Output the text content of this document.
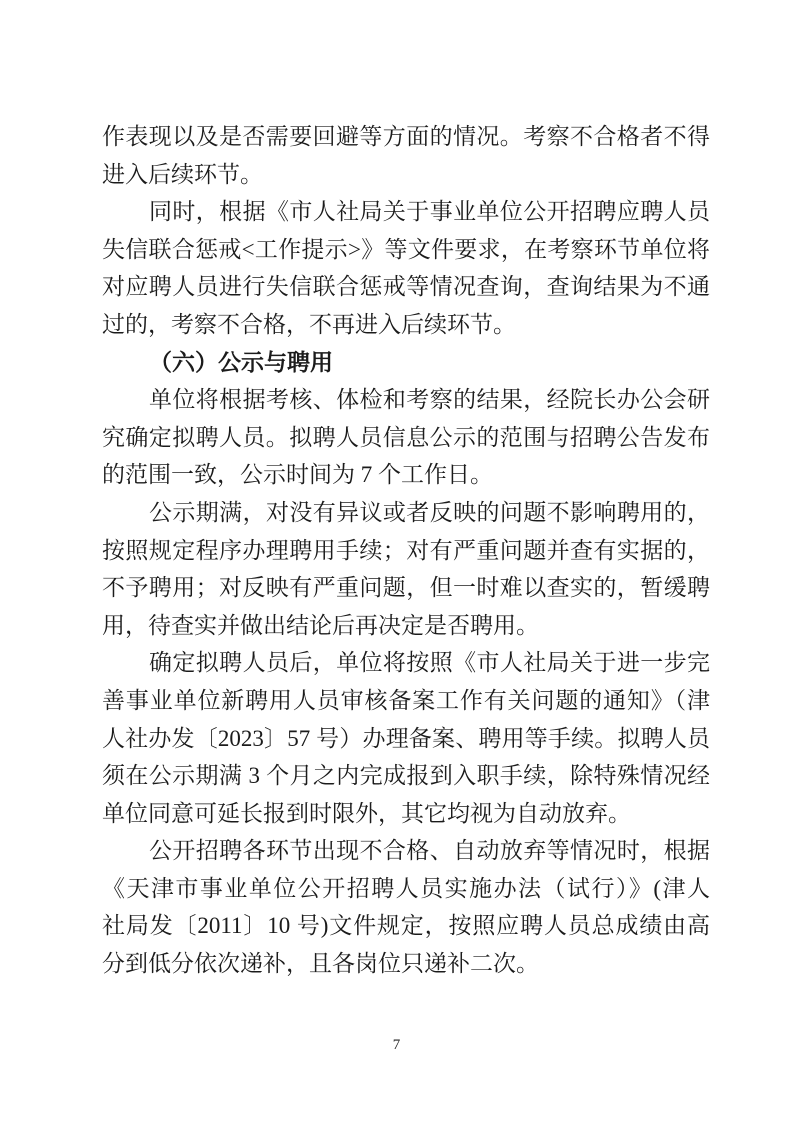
作表现以及是否需要回避等方面的情况。考察不合格者不得
进入后续环节。
同时，根据《市人社局关于事业单位公开招聘应聘人员
失信联合惩戒<工作提示>》等文件要求，在考察环节单位将
对应聘人员进行失信联合惩戒等情况查询，查询结果为不通
过的，考察不合格，不再进入后续环节。
（六）公示与聘用
单位将根据考核、体检和考察的结果，经院长办公会研
究确定拟聘人员。拟聘人员信息公示的范围与招聘公告发布
的范围一致，公示时间为 7 个工作日。
公示期满，对没有异议或者反映的问题不影响聘用的，
按照规定程序办理聘用手续；对有严重问题并查有实据的，
不予聘用；对反映有严重问题，但一时难以查实的，暂缓聘
用，待查实并做出结论后再决定是否聘用。
确定拟聘人员后，单位将按照《市人社局关于进一步完
善事业单位新聘用人员审核备案工作有关问题的通知》（津
人社办发〔2023〕57 号）办理备案、聘用等手续。拟聘人员
须在公示期满 3 个月之内完成报到入职手续，除特殊情况经
单位同意可延长报到时限外，其它均视为自动放弃。
公开招聘各环节出现不合格、自动放弃等情况时，根据
《天津市事业单位公开招聘人员实施办法（试行）》(津人
社局发〔2011〕10 号)文件规定，按照应聘人员总成绩由高
分到低分依次递补，且各岗位只递补二次。
7
